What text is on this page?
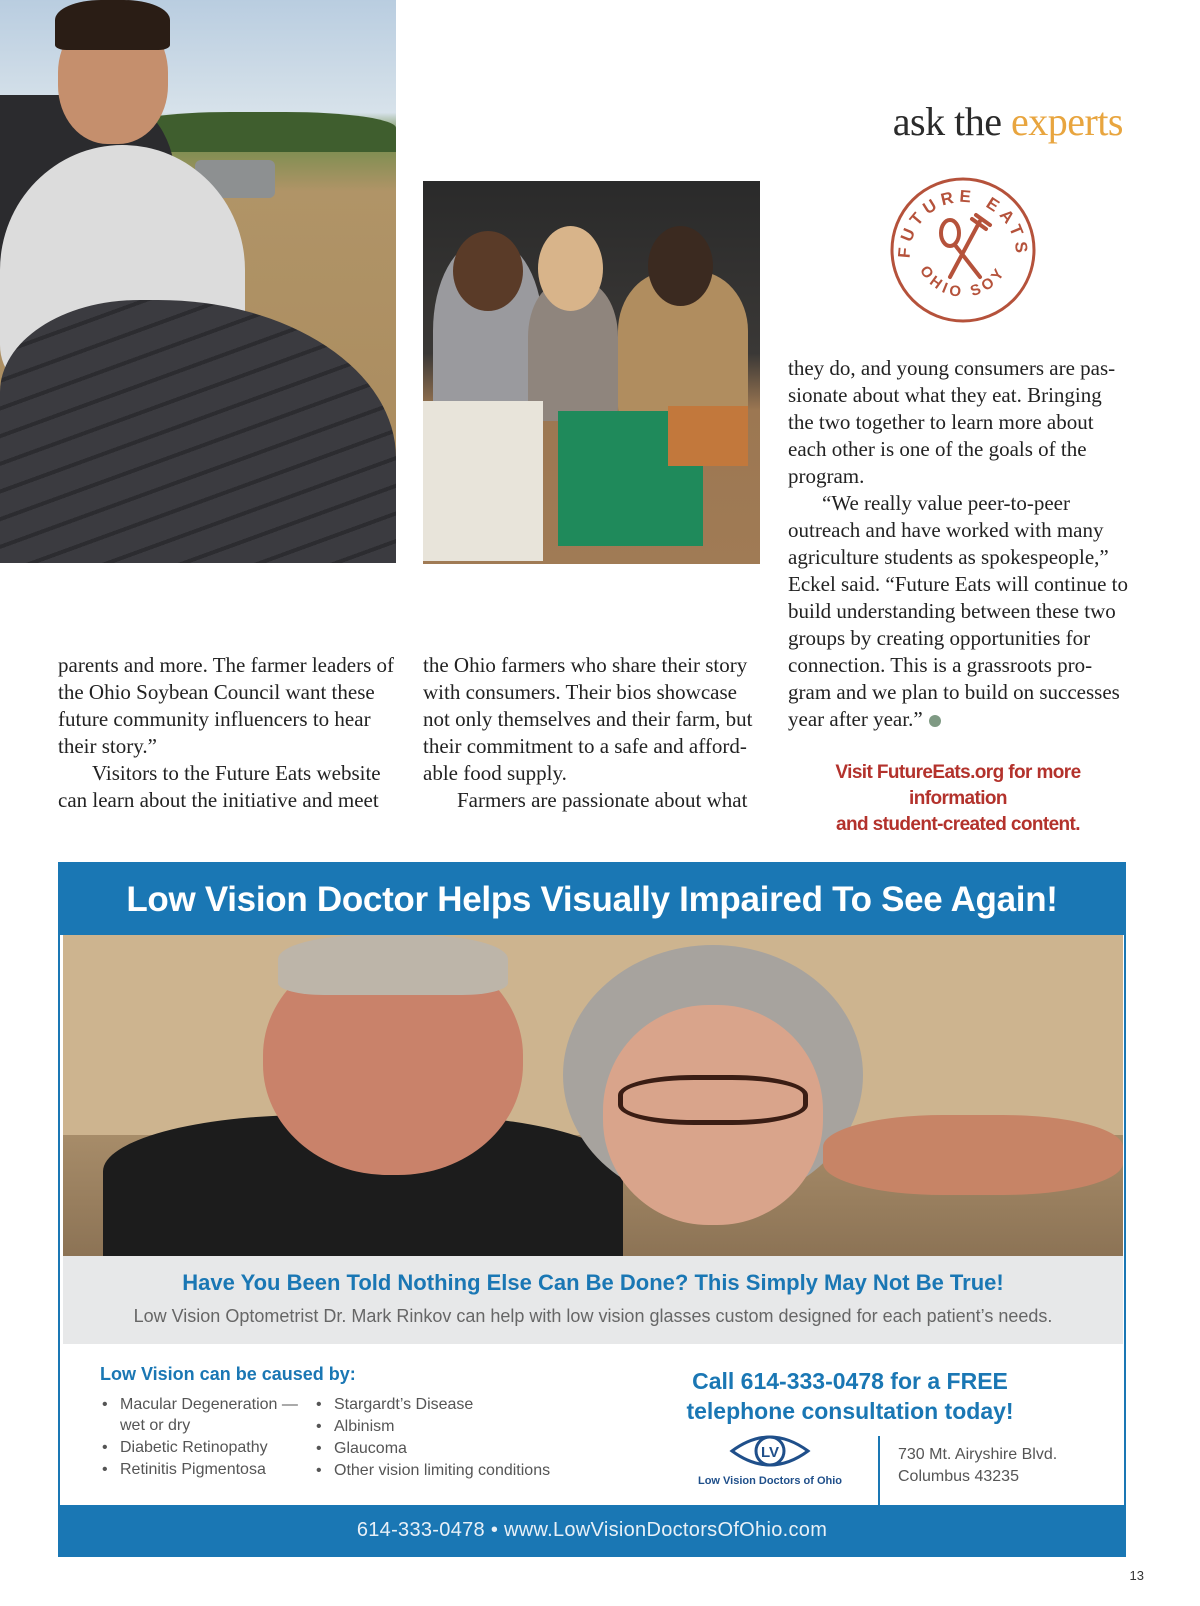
ask the experts
FUTURE EATS
OHIO SOY

parents and more. The farmer leaders of the Ohio Soybean Council want these future community influencers to hear their story.”

Visitors to the Future Eats website can learn about the initiative and meet

the Ohio farmers who share their story with consumers. Their bios showcase not only themselves and their farm, but their commitment to a safe and afford-able food supply.

Farmers are passionate about what

they do, and young consumers are pas-sionate about what they eat. Bringing the two together to learn more about each other is one of the goals of the program.

“We really value peer-to-peer outreach and have worked with many agriculture students as spokespeople,” Eckel said. “Future Eats will continue to build understanding between these two groups by creating opportunities for connection. This is a grassroots pro-gram and we plan to build on successes year after year.”

Visit FutureEats.org for more information
and student-created content.
Low Vision Doctor Helps Visually Impaired To See Again!
Have You Been Told Nothing Else Can Be Done? This Simply May Not Be True!
Low Vision Optometrist Dr. Mark Rinkov can help with low vision glasses custom designed for each patient’s needs.
Low Vision can be caused by:
• Macular Degeneration —wet or dry
• Diabetic Retinopathy
• Retinitis Pigmentosa
• Stargardt’s Disease
• Albinism
• Glaucoma
• Other vision limiting conditions
Call 614-333-0478 for a FREE
telephone consultation today!
LV
Low Vision Doctors of Ohio
730 Mt. Airyshire Blvd.
Columbus 43235
614-333-0478 • www.LowVisionDoctorsOfOhio.com
13
